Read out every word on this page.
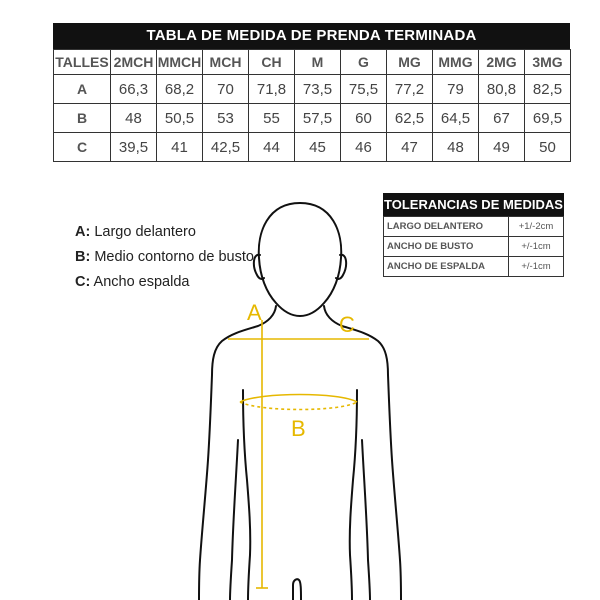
A	C
B
TABLA DE MEDIDA DE PRENDA TERMINADA
TALLES	2MCH	MMCH	MCH	CH	M	G	MG	MMG	2MG	3MG
A	66,3	68,2	70	71,8	73,5	75,5	77,2	79	80,8	82,5
B	48	50,5	53	55	57,5	60	62,5	64,5	67	69,5
C	39,5	41	42,5	44	45	46	47	48	49	50
A: Largo delantero
B: Medio contorno de busto
C: Ancho espalda
TOLERANCIAS DE MEDIDAS
LARGO DELANTERO	+1/-2cm
ANCHO DE BUSTO	+/-1cm
ANCHO DE ESPALDA	+/-1cm
